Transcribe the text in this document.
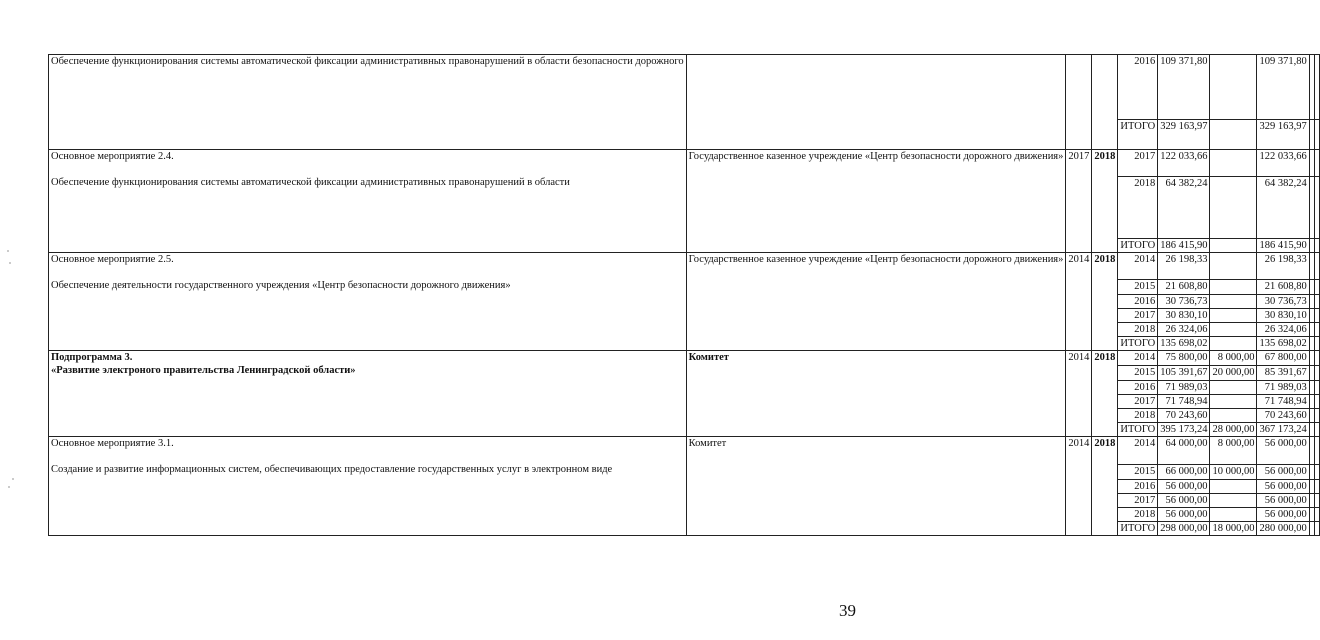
Обеспечение функционирования системы автоматической фиксации административных правонарушений в области безопасности дорожного				2016	109 371,80		109 371,80		
				ИТОГО	329 163,97		329 163,97		
Основное мероприятие 2.4.
Обеспечение функционирования системы автоматической фиксации административных правонарушений в области	Государственное казенное учреждение «Центр безопасности дорожного движения»	2017	2018	2017	122 033,66		122 033,66		
				2018	64 382,24		64 382,24		
				ИТОГО	186 415,90		186 415,90		
Основное мероприятие 2.5.
Обеспечение деятельности государственного учреждения «Центр безопасности дорожного движения»	Государственное казенное учреждение «Центр безопасности дорожного движения»	2014	2018	2014	26 198,33		26 198,33		
				2015	21 608,80		21 608,80		
				2016	30 736,73		30 736,73		
				2017	30 830,10		30 830,10		
				2018	26 324,06		26 324,06		
				ИТОГО	135 698,02		135 698,02		
Подпрограмма 3.
«Развитие электроного правительства Ленинградской области»	Комитет	2014	2018	2014	75 800,00	8 000,00	67 800,00		
				2015	105 391,67	20 000,00	85 391,67		
				2016	71 989,03		71 989,03		
				2017	71 748,94		71 748,94		
				2018	70 243,60		70 243,60		
				ИТОГО	395 173,24	28 000,00	367 173,24		
Основное мероприятие 3.1.
Создание и развитие информационных систем, обеспечивающих предоставление государственных услуг в электронном виде	Комитет	2014	2018	2014	64 000,00	8 000,00	56 000,00		
				2015	66 000,00	10 000,00	56 000,00		
				2016	56 000,00		56 000,00		
				2017	56 000,00		56 000,00		
				2018	56 000,00		56 000,00		
				ИТОГО	298 000,00	18 000,00	280 000,00		
39
